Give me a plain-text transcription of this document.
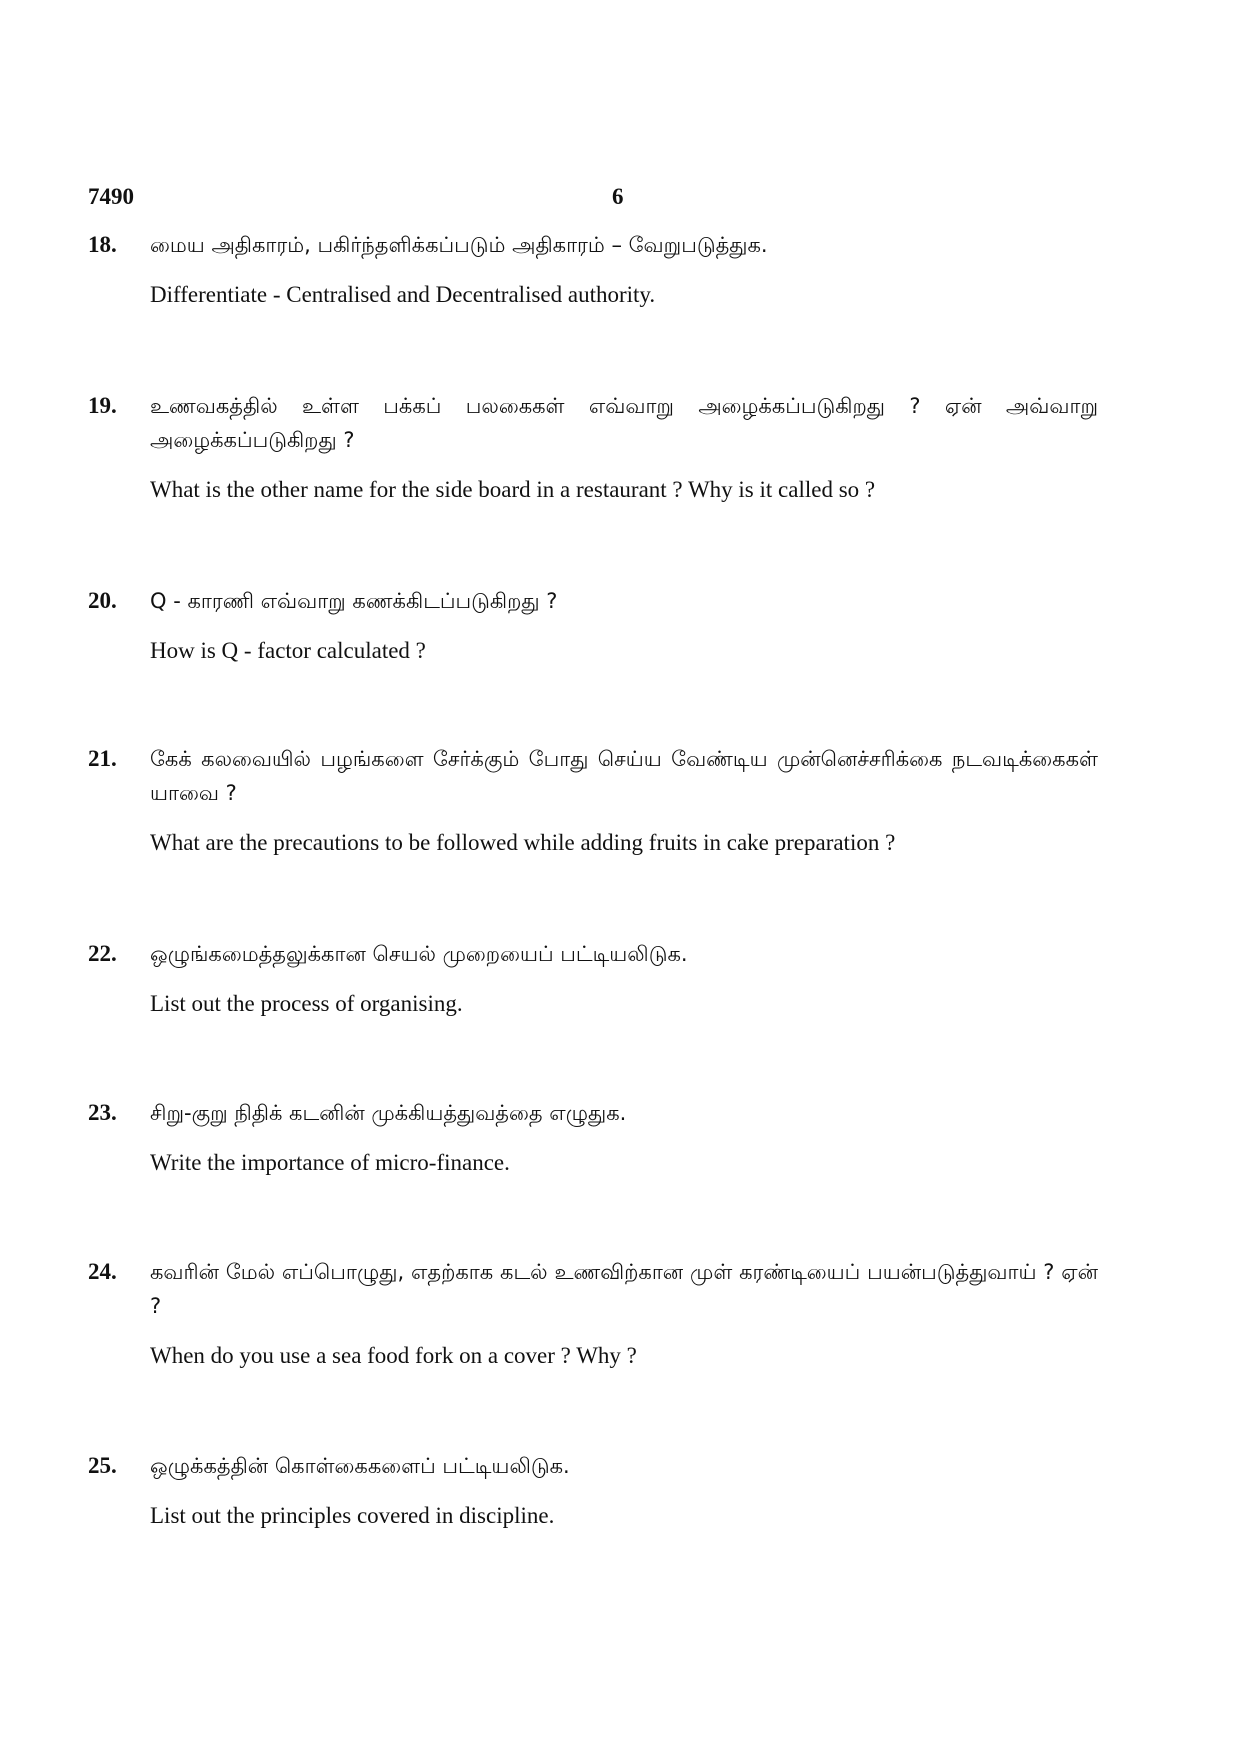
7490	6
18. மைய அதிகாரம், பகிர்ந்தளிக்கப்படும் அதிகாரம் – வேறுபடுத்துக.
Differentiate - Centralised and Decentralised authority.
19. உணவகத்தில் உள்ள பக்கப் பலகைகள் எவ்வாறு அழைக்கப்படுகிறது ? ஏன் அவ்வாறு அழைக்கப்படுகிறது ?
What is the other name for the side board in a restaurant ? Why is it called so ?
20. Q - காரணி எவ்வாறு கணக்கிடப்படுகிறது ?
How is Q - factor calculated ?
21. கேக் கலவையில் பழங்களை சேர்க்கும் போது செய்ய வேண்டிய முன்னெச்சரிக்கை நடவடிக்கைகள் யாவை ?
What are the precautions to be followed while adding fruits in cake preparation ?
22. ஒழுங்கமைத்தலுக்கான செயல் முறையைப் பட்டியலிடுக.
List out the process of organising.
23. சிறு-குறு நிதிக் கடனின் முக்கியத்துவத்தை எழுதுக.
Write the importance of micro-finance.
24. கவரின் மேல் எப்பொழுது, எதற்காக கடல் உணவிற்கான முள் கரண்டியைப் பயன்படுத்துவாய் ? ஏன் ?
When do you use a sea food fork on a cover ? Why ?
25. ஒழுக்கத்தின் கொள்கைகளைப் பட்டியலிடுக.
List out the principles covered in discipline.
